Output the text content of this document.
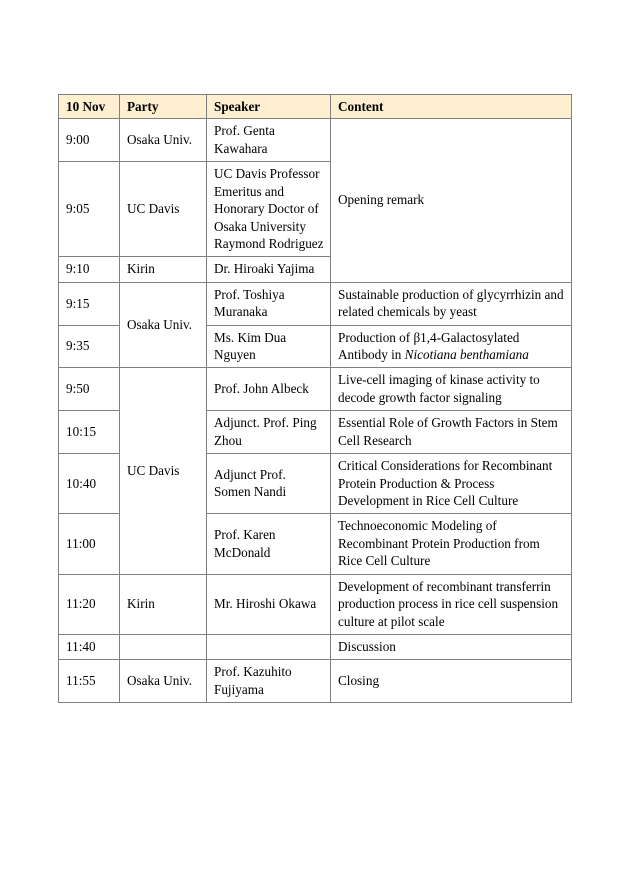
10 Nov	Party	Speaker	Content
9:00	Osaka Univ.	Prof. Genta Kawahara	Opening remark
9:05	UC Davis	UC Davis Professor Emeritus and Honorary Doctor of Osaka University Raymond Rodriguez	
9:10	Kirin	Dr. Hiroaki Yajima	
9:15	Osaka Univ.	Prof. Toshiya Muranaka	Sustainable production of glycyrrhizin and related chemicals by yeast
9:35		Ms. Kim Dua Nguyen	Production of β1,4-Galactosylated Antibody in Nicotiana benthamiana
9:50	UC Davis	Prof. John Albeck	Live-cell imaging of kinase activity to decode growth factor signaling
10:15		Adjunct. Prof. Ping Zhou	Essential Role of Growth Factors in Stem Cell Research
10:40		Adjunct Prof. Somen Nandi	Critical Considerations for Recombinant Protein Production & Process Development in Rice Cell Culture
11:00		Prof. Karen McDonald	Technoeconomic Modeling of Recombinant Protein Production from Rice Cell Culture
11:20	Kirin	Mr. Hiroshi Okawa	Development of recombinant transferrin production process in rice cell suspension culture at pilot scale
11:40			Discussion
11:55	Osaka Univ.	Prof. Kazuhito Fujiyama	Closing
